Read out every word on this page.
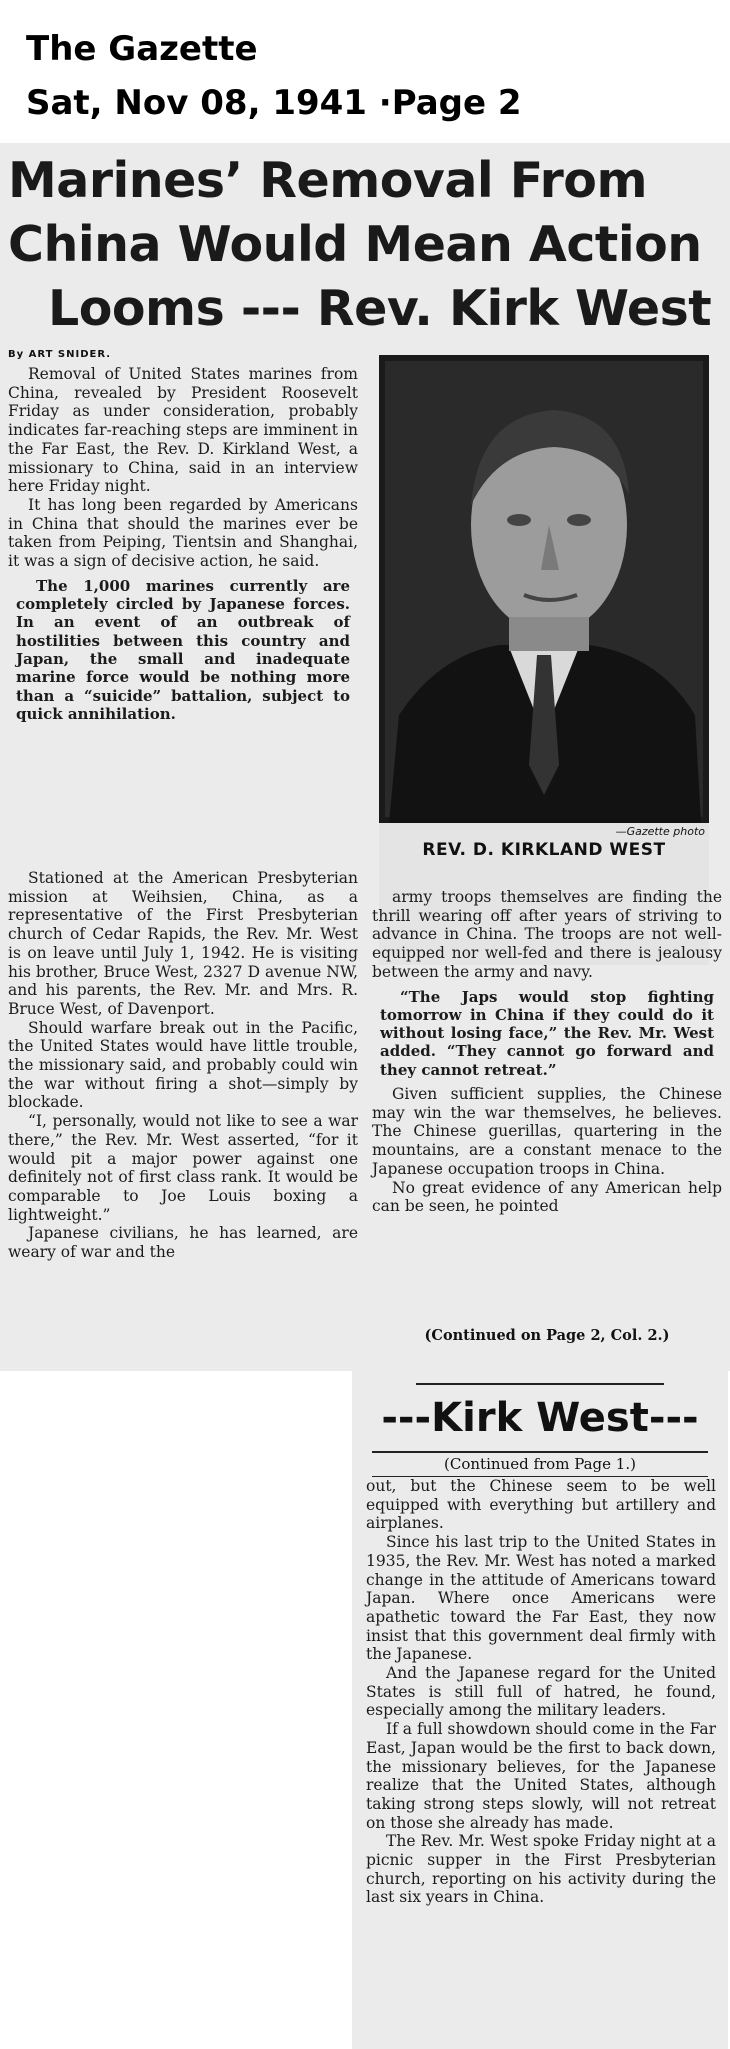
The Gazette
Sat, Nov 08, 1941 ·Page 2
Marines’ Removal From
China Would Mean Action
Looms --- Rev. Kirk West
By ART SNIDER.

Removal of United States marines from China, revealed by President Roosevelt Friday as under consideration, probably indicates far-reaching steps are imminent in the Far East, the Rev. D. Kirkland West, a missionary to China, said in an interview here Friday night.

It has long been regarded by Americans in China that should the marines ever be taken from Peiping, Tientsin and Shanghai, it was a sign of decisive action, he said.

The 1,000 marines currently are completely circled by Japanese forces. In an event of an outbreak of hostilities between this country and Japan, the small and inadequate marine force would be nothing more than a “suicide” battalion, subject to quick annihilation.

—Gazette photo
REV. D. KIRKLAND WEST

Stationed at the American Presbyterian mission at Weihsien, China, as a representative of the First Presbyterian church of Cedar Rapids, the Rev. Mr. West is on leave until July 1, 1942. He is visiting his brother, Bruce West, 2327 D avenue NW, and his parents, the Rev. Mr. and Mrs. R. Bruce West, of Davenport.

Should warfare break out in the Pacific, the United States would have little trouble, the missionary said, and probably could win the war without firing a shot—simply by blockade.

“I, personally, would not like to see a war there,” the Rev. Mr. West asserted, “for it would pit a major power against one definitely not of first class rank. It would be comparable to Joe Louis boxing a lightweight.”

Japanese civilians, he has learned, are weary of war and the

army troops themselves are finding the thrill wearing off after years of striving to advance in China. The troops are not well-equipped nor well-fed and there is jealousy between the army and navy.

“The Japs would stop fighting tomorrow in China if they could do it without losing face,” the Rev. Mr. West added. “They cannot go forward and they cannot retreat.”

Given sufficient supplies, the Chinese may win the war themselves, he believes. The Chinese guerillas, quartering in the mountains, are a constant menace to the Japanese occupation troops in China.

No great evidence of any American help can be seen, he pointed

(Continued on Page 2, Col. 2.)
---Kirk West---
(Continued from Page 1.)

out, but the Chinese seem to be well equipped with everything but artillery and airplanes.

Since his last trip to the United States in 1935, the Rev. Mr. West has noted a marked change in the attitude of Americans toward Japan. Where once Americans were apathetic toward the Far East, they now insist that this government deal firmly with the Japanese.

And the Japanese regard for the United States is still full of hatred, he found, especially among the military leaders.

If a full showdown should come in the Far East, Japan would be the first to back down, the missionary believes, for the Japanese realize that the United States, although taking strong steps slowly, will not retreat on those she already has made.

The Rev. Mr. West spoke Friday night at a picnic supper in the First Presbyterian church, reporting on his activity during the last six years in China.
